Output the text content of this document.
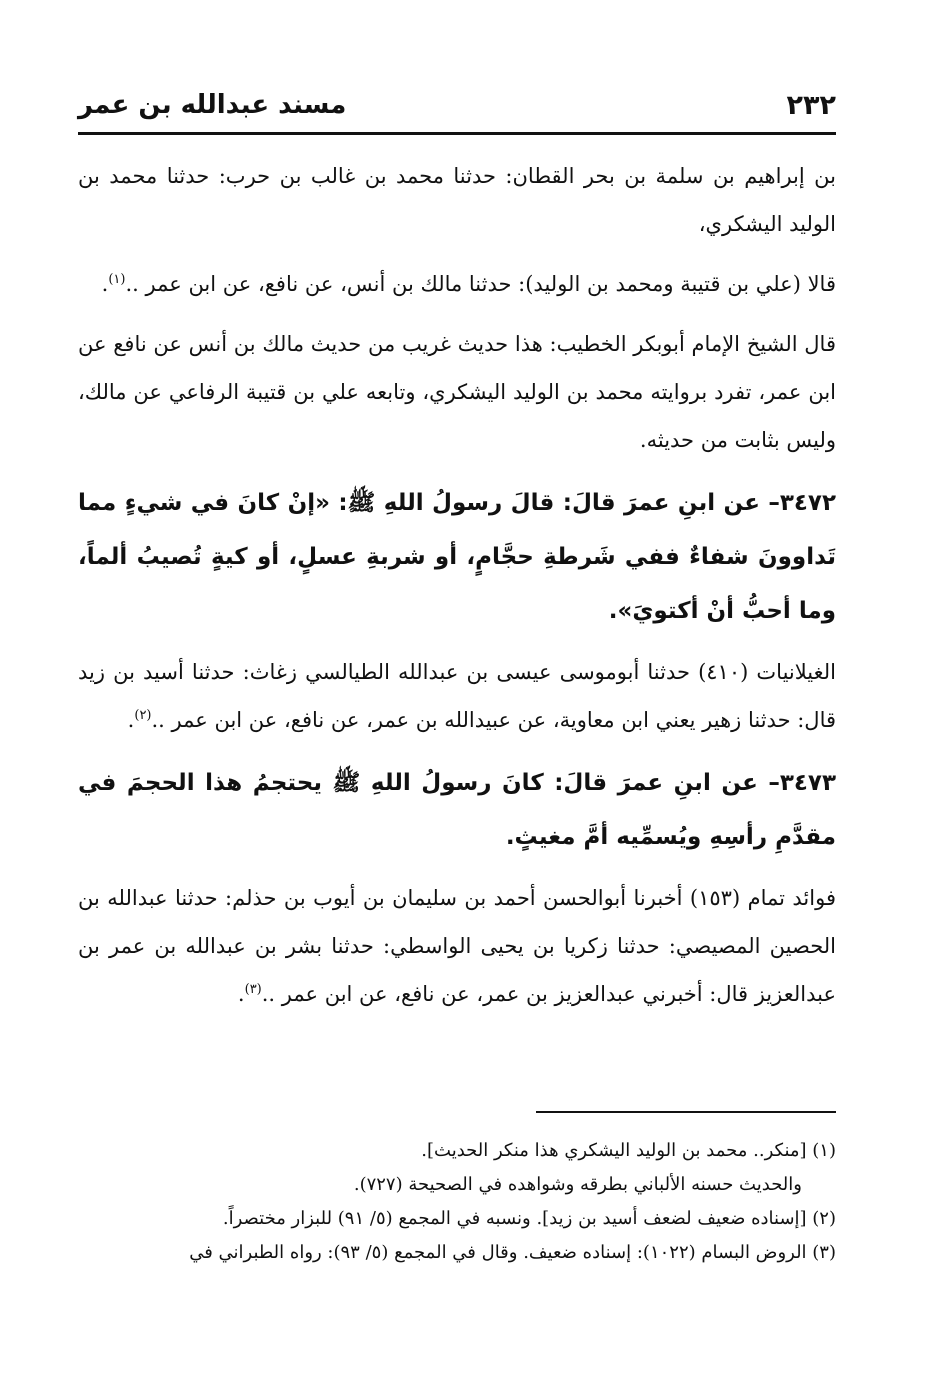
٢٣٢
مسند عبدالله بن عمر

بن إبراهيم بن سلمة بن بحر القطان: حدثنا محمد بن غالب بن حرب: حدثنا محمد بن الوليد اليشكري،

قالا (علي بن قتيبة ومحمد بن الوليد): حدثنا مالك بن أنس، عن نافع، عن ابن عمر ..$^{(١)}$.

قال الشيخ الإمام أبوبكر الخطيب: هذا حديث غريب من حديث مالك بن أنس عن نافع عن ابن عمر، تفرد بروايته محمد بن الوليد اليشكري، وتابعه علي بن قتيبة الرفاعي عن مالك، وليس بثابت من حديثه.

٣٤٧٢– عن ابنِ عمرَ قالَ: قالَ رسولُ اللهِ ﷺ: «إنْ كانَ في شيءٍ مما تَداوونَ شفاءٌ ففي شَرطةِ حجَّامٍ، أو شربةِ عسلٍ، أو كيةٍ تُصيبُ ألماً، وما أحبُّ أنْ أكتويَ».

الغيلانيات (٤١٠) حدثنا أبوموسى عيسى بن عبدالله الطيالسي زغاث: حدثنا أسيد بن زيد قال: حدثنا زهير يعني ابن معاوية، عن عبيدالله بن عمر، عن نافع، عن ابن عمر ..$^{(٢)}$.

٣٤٧٣– عن ابنِ عمرَ قالَ: كانَ رسولُ اللهِ ﷺ يحتجمُ هذا الحجمَ في مقدَّمِ رأسِهِ ويُسمِّيه أمَّ مغيثٍ.

فوائد تمام (١٥٣) أخبرنا أبوالحسن أحمد بن سليمان بن أيوب بن حذلم: حدثنا عبدالله بن الحصين المصيصي: حدثنا زكريا بن يحيى الواسطي: حدثنا بشر بن عبدالله بن عمر بن عبدالعزيز قال: أخبرني عبدالعزيز بن عمر، عن نافع، عن ابن عمر ..$^{(٣)}$.

(١) [منكر.. محمد بن الوليد اليشكري هذا منكر الحديث].

والحديث حسنه الألباني بطرقه وشواهده في الصحيحة (٧٢٧).

(٢) [إسناده ضعيف لضعف أسيد بن زيد]. ونسبه في المجمع (٥/ ٩١) للبزار مختصراً.

(٣) الروض البسام (١٠٢٢): إسناده ضعيف. وقال في المجمع (٥/ ٩٣): رواه الطبراني في
